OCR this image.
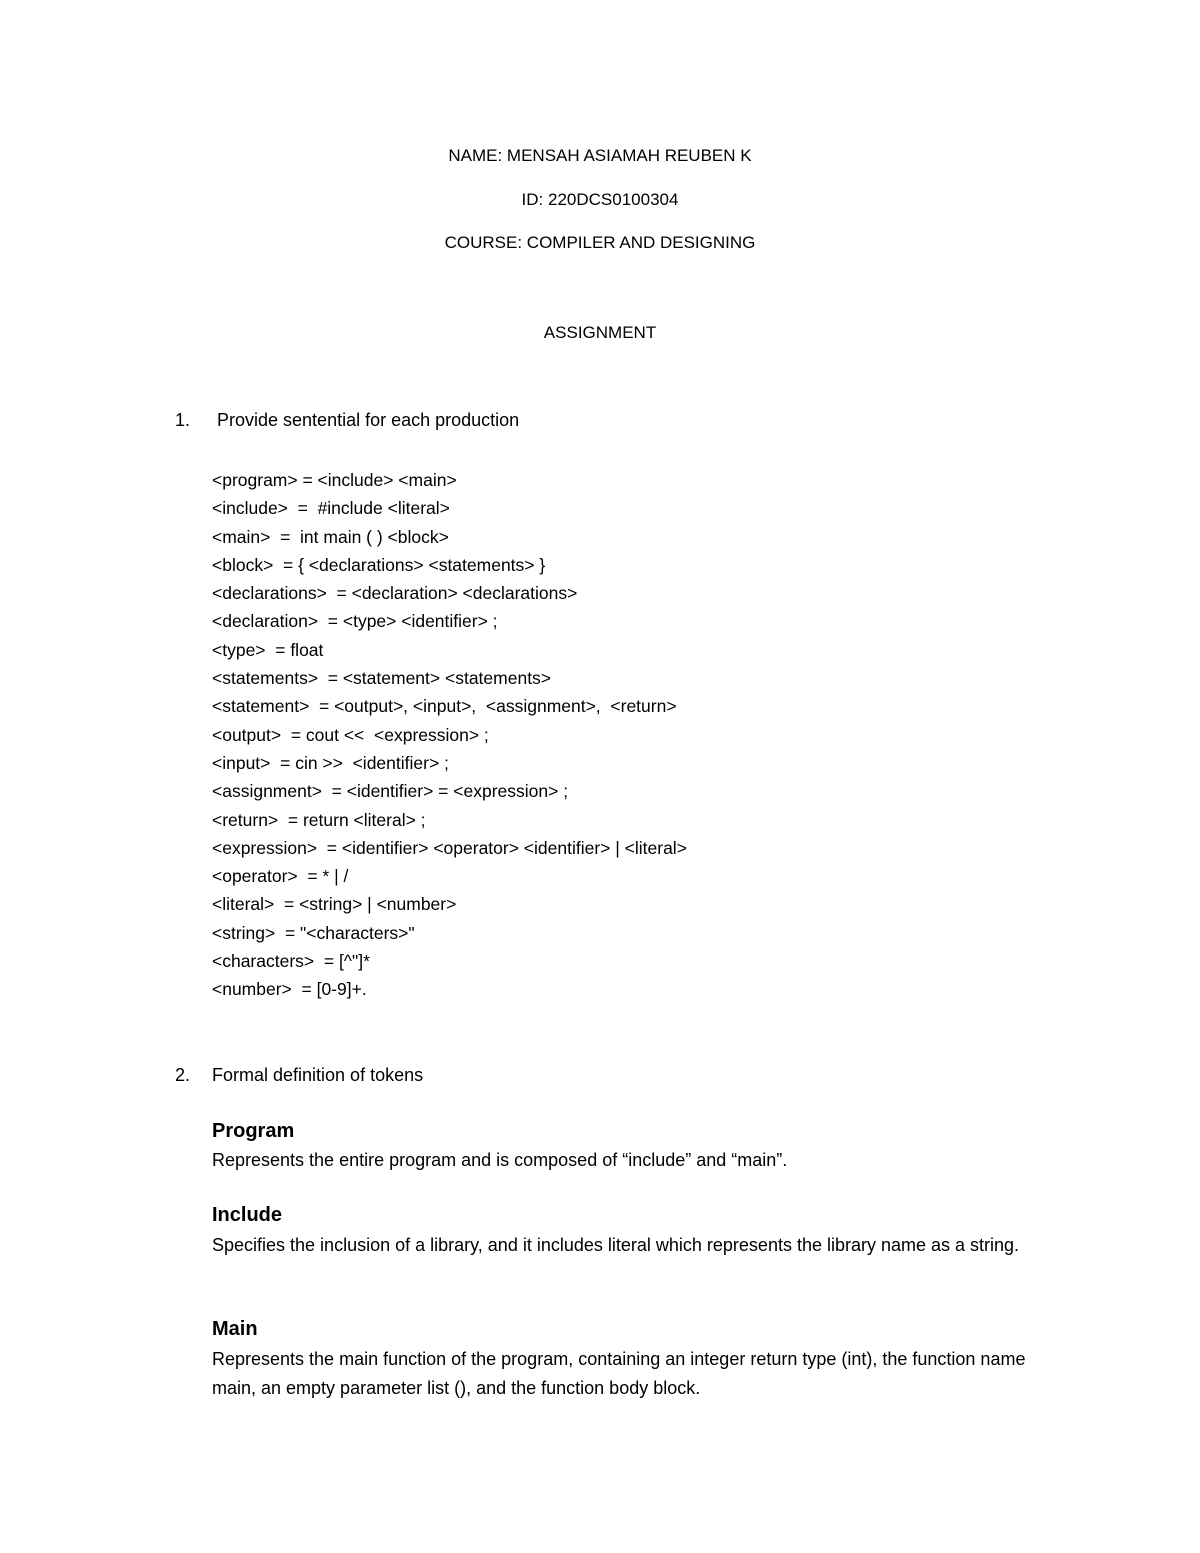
NAME: MENSAH ASIAMAH REUBEN K
ID: 220DCS0100304
COURSE: COMPILER AND DESIGNING
ASSIGNMENT
1. Provide sentential for each production
<program> = <include> <main>
<include>  =  #include <literal>
<main>  =  int main ( ) <block>
<block>  = { <declarations> <statements> }
<declarations>  = <declaration> <declarations>
<declaration>  = <type> <identifier> ;
<type>  = float
<statements>  = <statement> <statements>
<statement>  = <output>, <input>,  <assignment>,  <return>
<output>  = cout <<  <expression> ;
<input>  = cin >>  <identifier> ;
<assignment>  = <identifier> = <expression> ;
<return>  = return <literal> ;
<expression>  = <identifier> <operator> <identifier> | <literal>
<operator>  = * | /
<literal>  = <string> | <number>
<string>  = "<characters>"
<characters>  = [^"]*
<number>  = [0-9]+.
2. Formal definition of tokens
Program
Represents the entire program and is composed of “include” and “main”.
Include
Specifies the inclusion of a library, and it includes literal which represents the library name as a string.
Main
Represents the main function of the program, containing an integer return type (int), the function name main, an empty parameter list (), and the function body block.
